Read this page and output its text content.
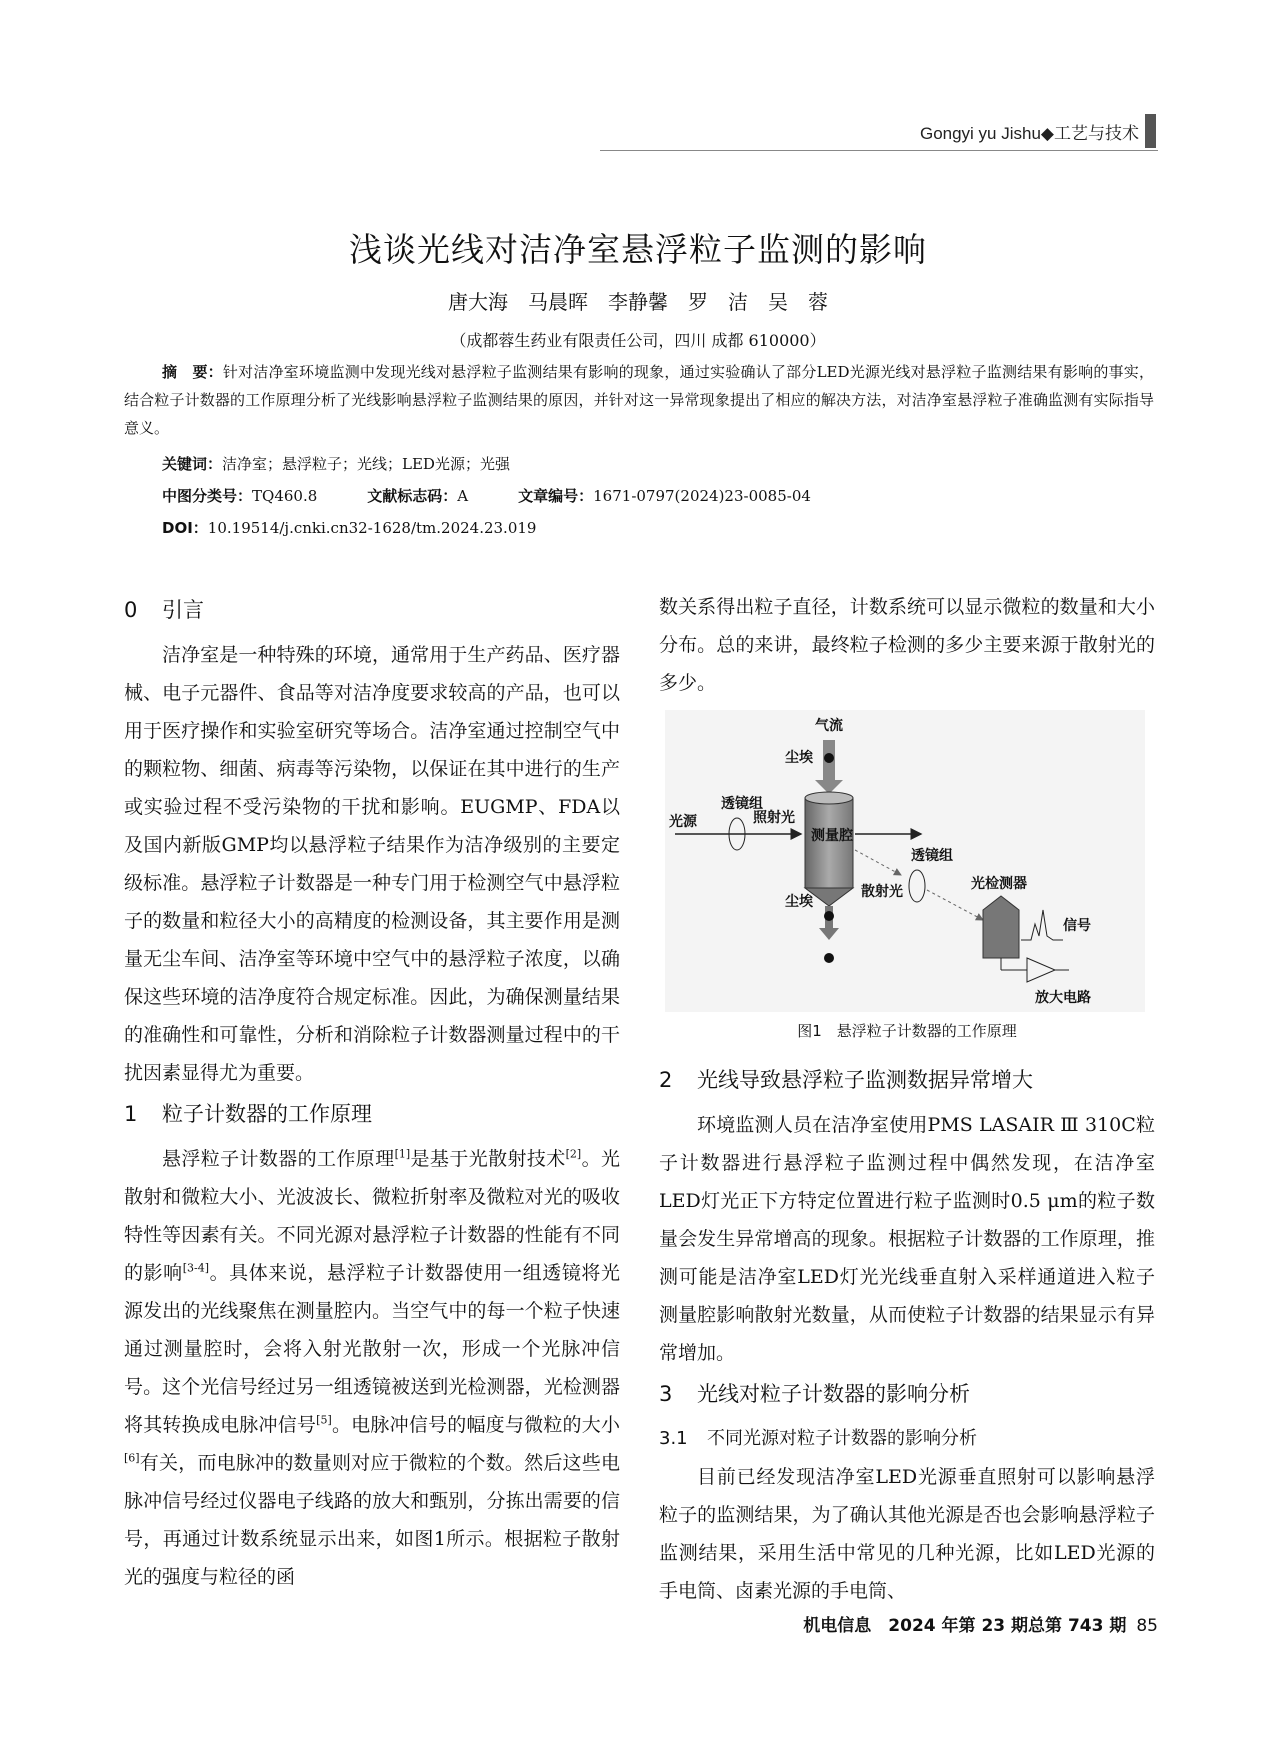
Gongyi yu Jishu◆工艺与技术
浅谈光线对洁净室悬浮粒子监测的影响
唐大海　马晨晖　李静馨　罗　洁　吴　蓉
（成都蓉生药业有限责任公司，四川 成都 610000）
摘　要：针对洁净室环境监测中发现光线对悬浮粒子监测结果有影响的现象，通过实验确认了部分LED光源光线对悬浮粒子监测结果有影响的事实，结合粒子计数器的工作原理分析了光线影响悬浮粒子监测结果的原因，并针对这一异常现象提出了相应的解决方法，对洁净室悬浮粒子准确监测有实际指导意义。
关键词：洁净室；悬浮粒子；光线；LED光源；光强
中图分类号：TQ460.8	文献标志码：A	文章编号：1671-0797(2024)23-0085-04
DOI：10.19514/j.cnki.cn32-1628/tm.2024.23.019
0 引言

洁净室是一种特殊的环境，通常用于生产药品、医疗器械、电子元器件、食品等对洁净度要求较高的产品，也可以用于医疗操作和实验室研究等场合。洁净室通过控制空气中的颗粒物、细菌、病毒等污染物，以保证在其中进行的生产或实验过程不受污染物的干扰和影响。EUGMP、FDA以及国内新版GMP均以悬浮粒子结果作为洁净级别的主要定级标准。悬浮粒子计数器是一种专门用于检测空气中悬浮粒子的数量和粒径大小的高精度的检测设备，其主要作用是测量无尘车间、洁净室等环境中空气中的悬浮粒子浓度，以确保这些环境的洁净度符合规定标准。因此，为确保测量结果的准确性和可靠性，分析和消除粒子计数器测量过程中的干扰因素显得尤为重要。

1 粒子计数器的工作原理

悬浮粒子计数器的工作原理[1]是基于光散射技术[2]。光散射和微粒大小、光波波长、微粒折射率及微粒对光的吸收特性等因素有关。不同光源对悬浮粒子计数器的性能有不同的影响[3-4]。具体来说，悬浮粒子计数器使用一组透镜将光源发出的光线聚焦在测量腔内。当空气中的每一个粒子快速通过测量腔时，会将入射光散射一次，形成一个光脉冲信号。这个光信号经过另一组透镜被送到光检测器，光检测器将其转换成电脉冲信号[5]。电脉冲信号的幅度与微粒的大小[6]有关，而电脉冲的数量则对应于微粒的个数。然后这些电脉冲信号经过仪器电子线路的放大和甄别，分拣出需要的信号，再通过计数系统显示出来，如图1所示。根据粒子散射光的强度与粒径的函

数关系得出粒子直径，计数系统可以显示微粒的数量和大小分布。总的来讲，最终粒子检测的多少主要来源于散射光的多少。

气流
尘埃
透镜组
照射光
光源
测量腔
透镜组
光检测器
尘埃
散射光
信号
放大电路
图1　悬浮粒子计数器的工作原理
2 光线导致悬浮粒子监测数据异常增大

环境监测人员在洁净室使用PMS LASAIR Ⅲ 310C粒子计数器进行悬浮粒子监测过程中偶然发现，在洁净室LED灯光正下方特定位置进行粒子监测时0.5 μm的粒子数量会发生异常增高的现象。根据粒子计数器的工作原理，推测可能是洁净室LED灯光光线垂直射入采样通道进入粒子测量腔影响散射光数量，从而使粒子计数器的结果显示有异常增加。

3 光线对粒子计数器的影响分析
3.1 不同光源对粒子计数器的影响分析

目前已经发现洁净室LED光源垂直照射可以影响悬浮粒子的监测结果，为了确认其他光源是否也会影响悬浮粒子监测结果，采用生活中常见的几种光源，比如LED光源的手电筒、卤素光源的手电筒、

机电信息　2024 年第 23 期总第 743 期 85
